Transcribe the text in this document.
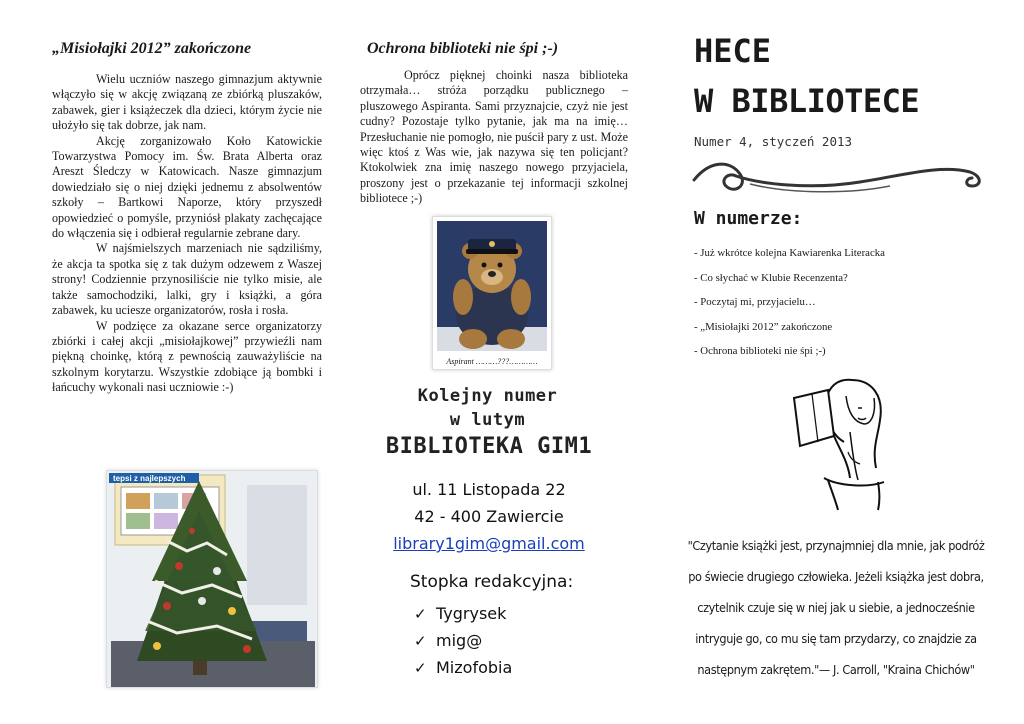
„Misiołajki 2012” zakończone

Wielu uczniów naszego gimnazjum aktywnie włączyło się w akcję związaną ze zbiórką pluszaków, zabawek, gier i książeczek dla dzieci, którym życie nie ułożyło się tak dobrze, jak nam.

Akcję zorganizowało Koło Katowickie Towarzystwa Pomocy im. Św. Brata Alberta oraz Areszt Śledczy w Katowicach. Nasze gimnazjum dowiedziało się o niej dzięki jednemu z absolwentów szkoły – Bartkowi Naporze, który przyszedł opowiedzieć o pomyśle, przyniósł plakaty zachęcające do włączenia się i odbierał regularnie zebrane dary.

W najśmielszych marzeniach nie sądziliśmy, że akcja ta spotka się z tak dużym odzewem z Waszej strony! Codziennie przynosiliście nie tylko misie, ale także samochodziki, lalki, gry i książki, a góra zabawek, ku uciesze organizatorów, rosła i rosła.

W podzięce za okazane serce organizatorzy zbiórki i całej akcji „misiołajkowej” przywieźli nam piękną choinkę, którą z pewnością zauważyliście na szkolnym korytarzu. Wszystkie zdobiące ją bombki i łańcuchy wykonali nasi uczniowie :-)

tepsi z najlepszych
Ochrona biblioteki nie śpi ;-)

Oprócz pięknej choinki nasza biblioteka otrzymała… stróża porządku publicznego – pluszowego Aspiranta. Sami przyznajcie, czyż nie jest cudny? Pozostaje tylko pytanie, jak ma na imię… Przesłuchanie nie pomogło, nie puścił pary z ust. Może więc ktoś z Was wie, jak nazywa się ten policjant? Ktokolwiek zna imię naszego nowego przyjaciela, proszony jest o przekazanie tej informacji szkolnej bibliotece ;-)

Aspirant ………???…………
Kolejny numer
w lutym
BIBLIOTEKA GIM1
ul. 11 Listopada 22
42 - 400 Zawiercie
library1gim@gmail.com
Stopka redakcyjna:
✓ Tygrysek
✓ mig@
✓ Mizofobia
HECE
W BIBLIOTECE
Numer 4, styczeń 2013
W numerze:
- Już wkrótce kolejna Kawiarenka Literacka
- Co słychać w Klubie Recenzenta?
- Poczytaj mi, przyjacielu…
- „Misiołajki 2012” zakończone
- Ochrona biblioteki nie śpi ;-)
"Czytanie książki jest, przynajmniej dla mnie, jak podróż
po świecie drugiego człowieka. Jeżeli książka jest dobra,
czytelnik czuje się w niej jak u siebie, a jednocześnie
intryguje go, co mu się tam przydarzy, co znajdzie za
następnym zakrętem."— J. Carroll, "Kraina Chichów"
